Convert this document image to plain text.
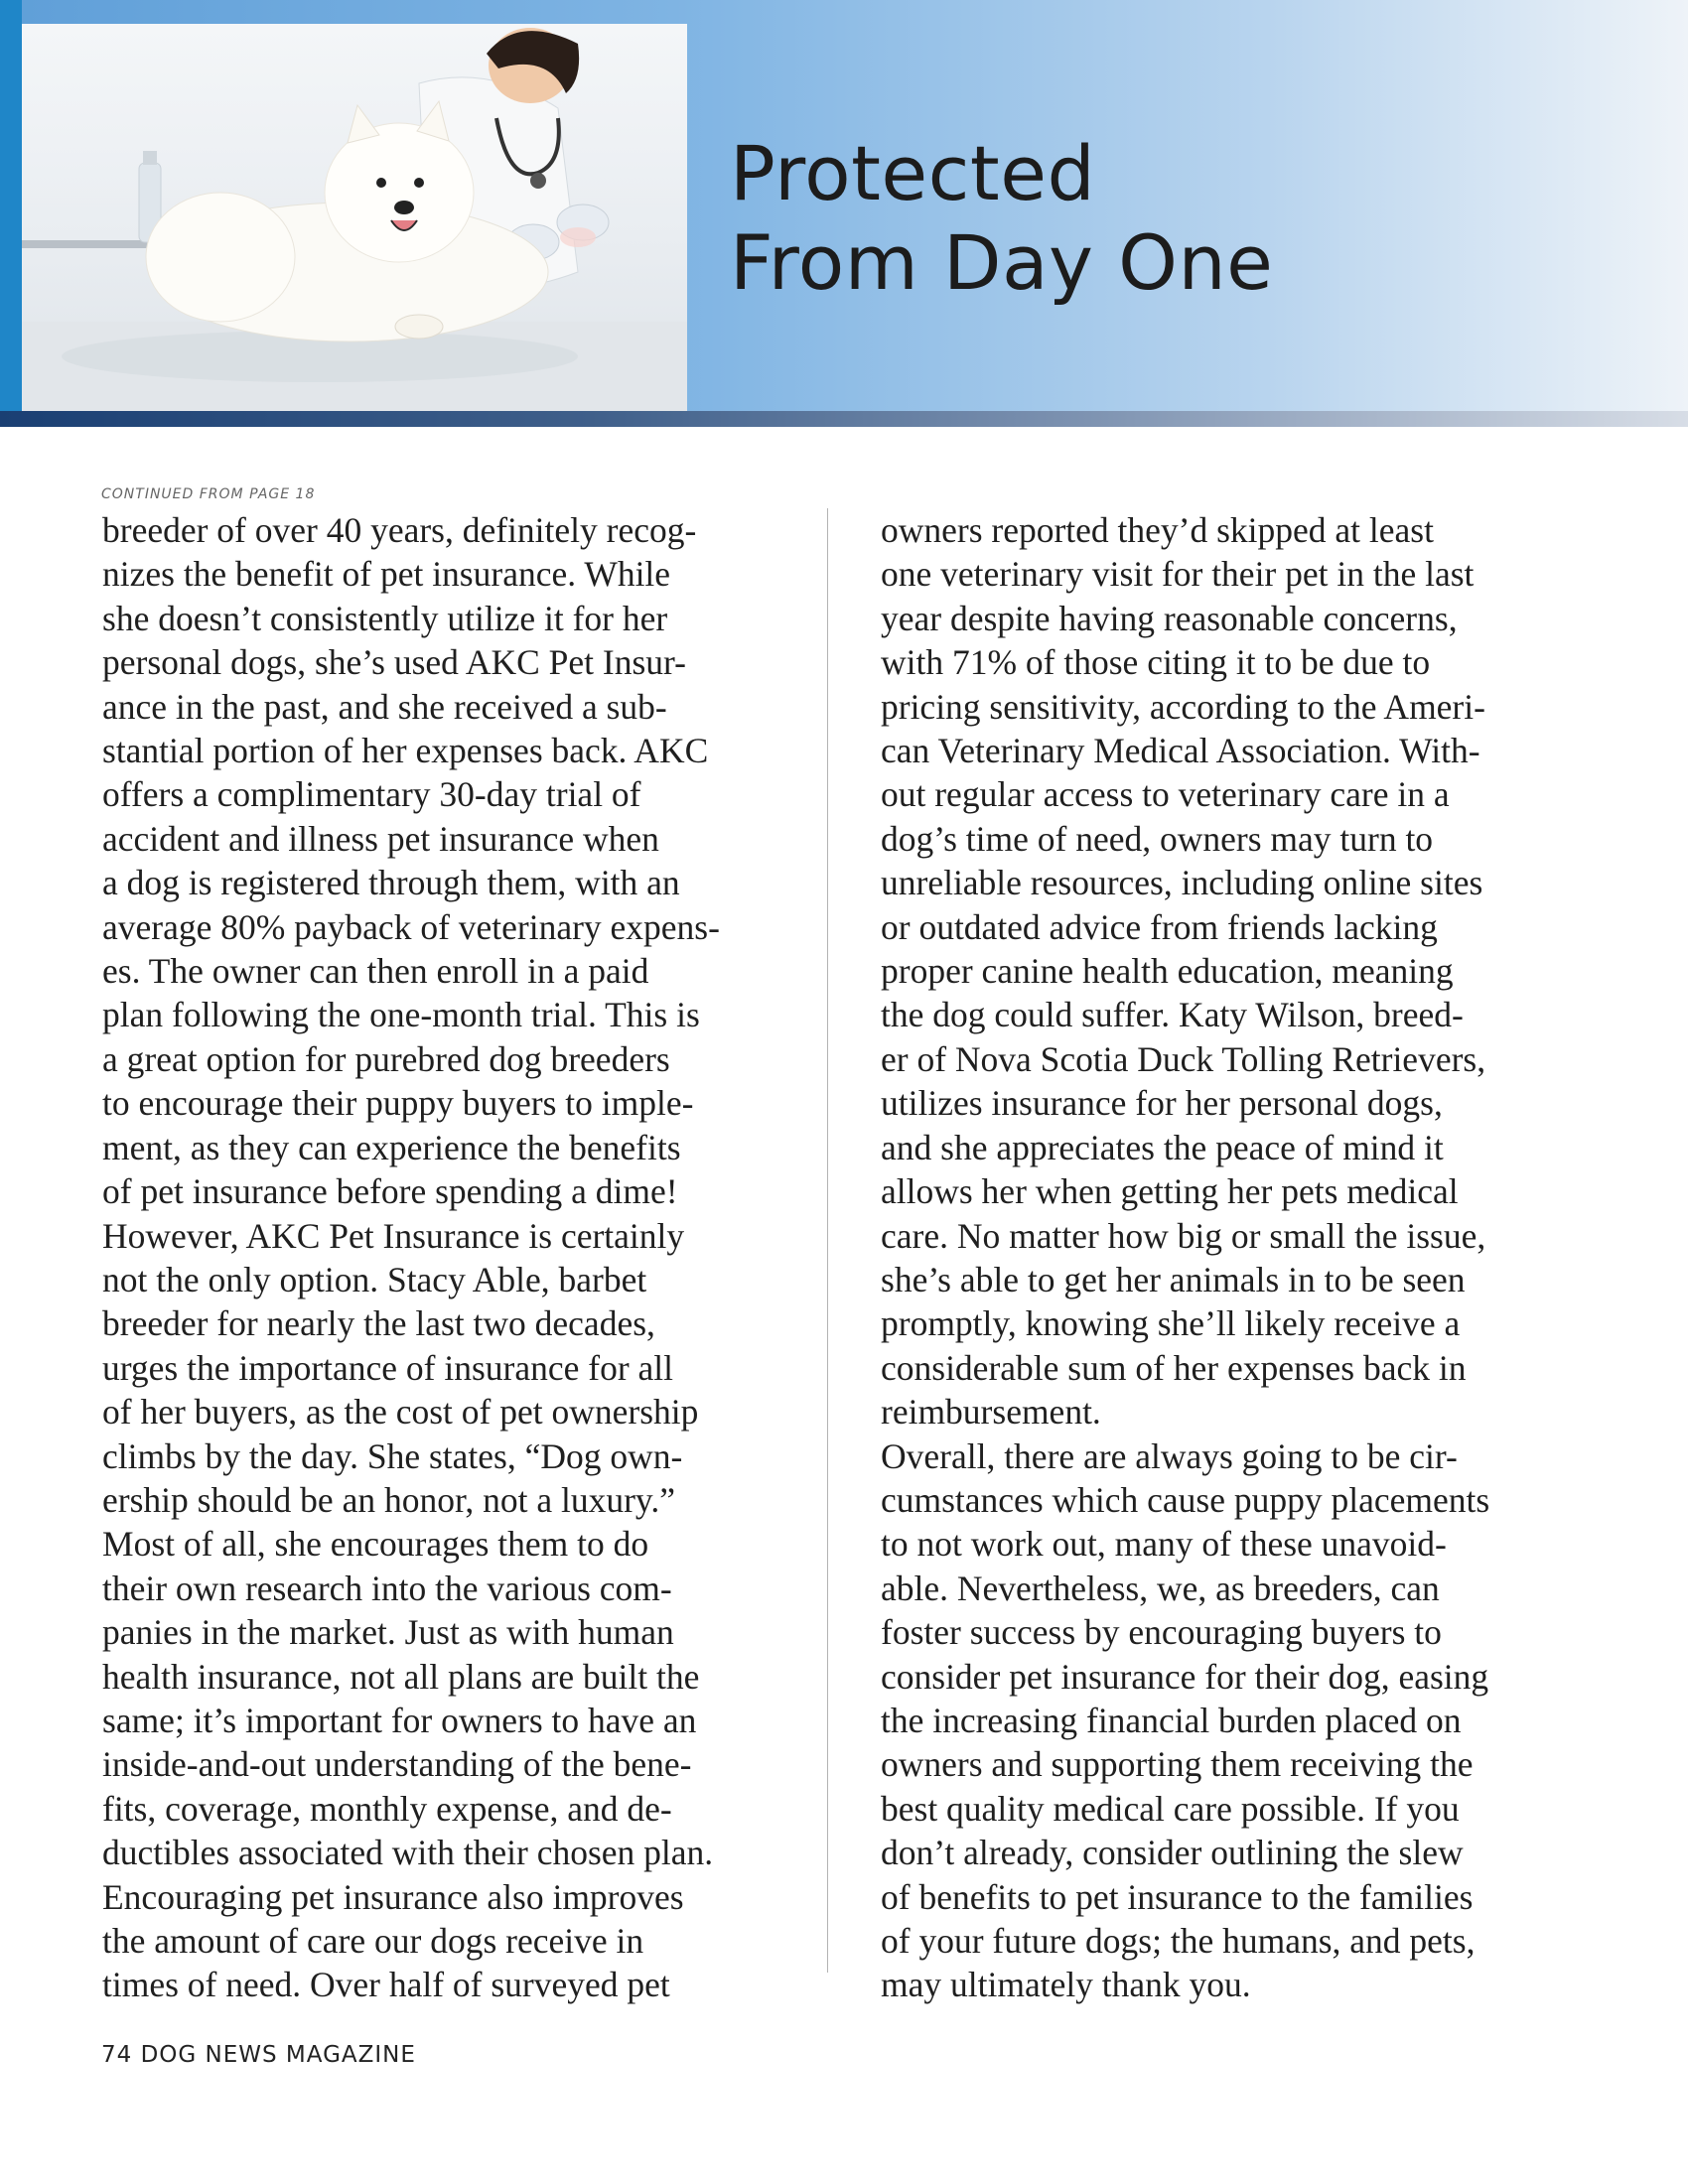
Protected
From Day One
CONTINUED FROM PAGE 18
breeder of over 40 years, definitely recog-
nizes the benefit of pet insurance. While
she doesn’t consistently utilize it for her
personal dogs, she’s used AKC Pet Insur-
ance in the past, and she received a sub-
stantial portion of her expenses back. AKC
offers a complimentary 30-day trial of
accident and illness pet insurance when
a dog is registered through them, with an
average 80% payback of veterinary expens-
es. The owner can then enroll in a paid
plan following the one-month trial. This is
a great option for purebred dog breeders
to encourage their puppy buyers to imple-
ment, as they can experience the benefits
of pet insurance before spending a dime!
However, AKC Pet Insurance is certainly
not the only option. Stacy Able, barbet
breeder for nearly the last two decades,
urges the importance of insurance for all
of her buyers, as the cost of pet ownership
climbs by the day. She states, “Dog own-
ership should be an honor, not a luxury.”
Most of all, she encourages them to do
their own research into the various com-
panies in the market. Just as with human
health insurance, not all plans are built the
same; it’s important for owners to have an
inside-and-out understanding of the bene-
fits, coverage, monthly expense, and de-
ductibles associated with their chosen plan.
Encouraging pet insurance also improves
the amount of care our dogs receive in
times of need. Over half of surveyed pet
owners reported they’d skipped at least
one veterinary visit for their pet in the last
year despite having reasonable concerns,
with 71% of those citing it to be due to
pricing sensitivity, according to the Ameri-
can Veterinary Medical Association. With-
out regular access to veterinary care in a
dog’s time of need, owners may turn to
unreliable resources, including online sites
or outdated advice from friends lacking
proper canine health education, meaning
the dog could suffer. Katy Wilson, breed-
er of Nova Scotia Duck Tolling Retrievers,
utilizes insurance for her personal dogs,
and she appreciates the peace of mind it
allows her when getting her pets medical
care. No matter how big or small the issue,
she’s able to get her animals in to be seen
promptly, knowing she’ll likely receive a
considerable sum of her expenses back in
reimbursement.
Overall, there are always going to be cir-
cumstances which cause puppy placements
to not work out, many of these unavoid-
able. Nevertheless, we, as breeders, can
foster success by encouraging buyers to
consider pet insurance for their dog, easing
the increasing financial burden placed on
owners and supporting them receiving the
best quality medical care possible. If you
don’t already, consider outlining the slew
of benefits to pet insurance to the families
of your future dogs; the humans, and pets,
may ultimately thank you.
74 DOG NEWS MAGAZINE
